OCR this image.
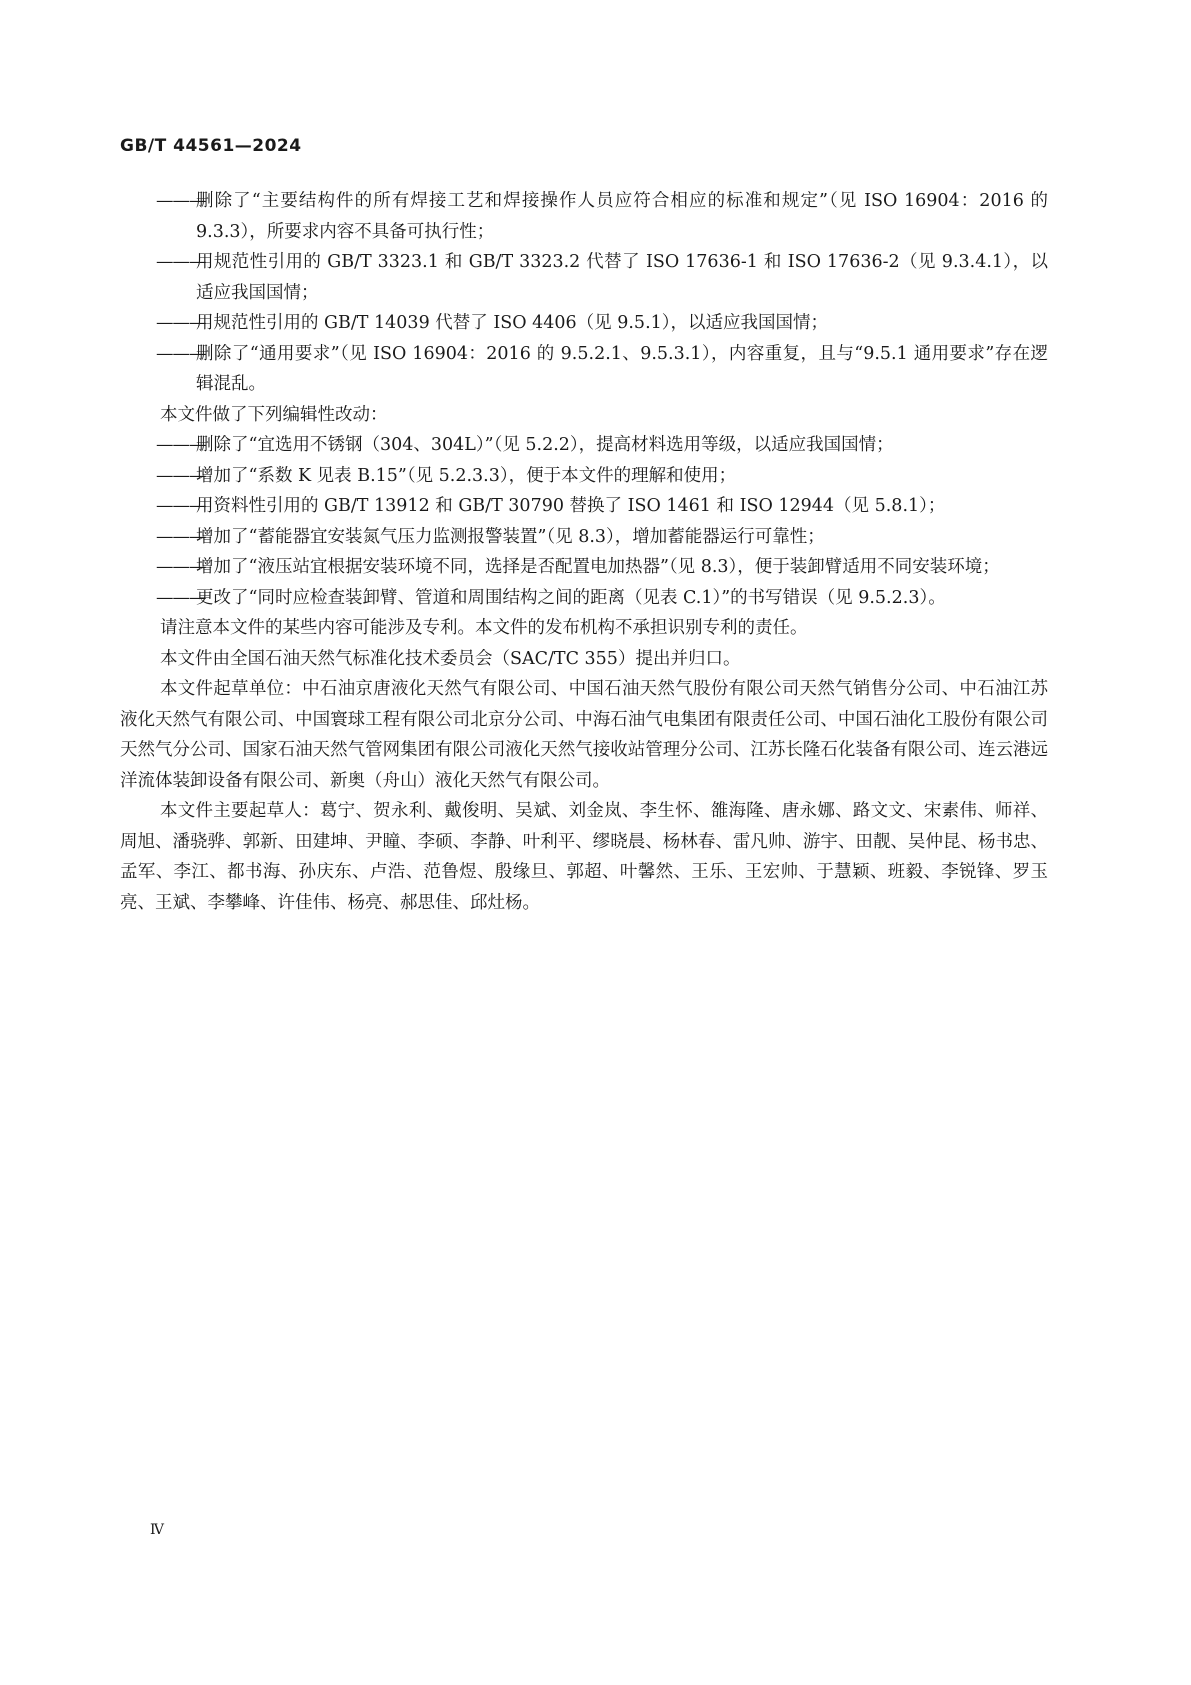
GB/T 44561—2024
———
删除了“主要结构件的所有焊接工艺和焊接操作人员应符合相应的标准和规定”（见 ISO 16904：2016 的 9.3.3），所要求内容不具备可执行性；
———
用规范性引用的 GB/T 3323.1 和 GB/T 3323.2 代替了 ISO 17636-1 和 ISO 17636-2（见 9.3.4.1），以适应我国国情；
———
用规范性引用的 GB/T 14039 代替了 ISO 4406（见 9.5.1），以适应我国国情；
———
删除了“通用要求”（见 ISO 16904：2016 的 9.5.2.1、9.5.3.1），内容重复，且与“9.5.1 通用要求”存在逻辑混乱。
本文件做了下列编辑性改动：
———
删除了“宜选用不锈钢（304、304L）”（见 5.2.2），提高材料选用等级，以适应我国国情；
———
增加了“系数 K 见表 B.15”（见 5.2.3.3），便于本文件的理解和使用；
———
用资料性引用的 GB/T 13912 和 GB/T 30790 替换了 ISO 1461 和 ISO 12944（见 5.8.1）；
———
增加了“蓄能器宜安装氮气压力监测报警装置”（见 8.3），增加蓄能器运行可靠性；
———
增加了“液压站宜根据安装环境不同，选择是否配置电加热器”（见 8.3），便于装卸臂适用不同安装环境；
———
更改了“同时应检查装卸臂、管道和周围结构之间的距离（见表 C.1）”的书写错误（见 9.5.2.3）。
请注意本文件的某些内容可能涉及专利。本文件的发布机构不承担识别专利的责任。
本文件由全国石油天然气标准化技术委员会（SAC/TC 355）提出并归口。
本文件起草单位：中石油京唐液化天然气有限公司、中国石油天然气股份有限公司天然气销售分公司、中石油江苏液化天然气有限公司、中国寰球工程有限公司北京分公司、中海石油气电集团有限责任公司、中国石油化工股份有限公司天然气分公司、国家石油天然气管网集团有限公司液化天然气接收站管理分公司、江苏长隆石化装备有限公司、连云港远洋流体装卸设备有限公司、新奥（舟山）液化天然气有限公司。
本文件主要起草人：葛宁、贺永利、戴俊明、吴斌、刘金岚、李生怀、雒海隆、唐永娜、路文文、宋素伟、师祥、周旭、潘骁骅、郭新、田建坤、尹瞳、李硕、李静、叶利平、缪晓晨、杨林春、雷凡帅、游宇、田靓、吴仲昆、杨书忠、孟军、李江、都书海、孙庆东、卢浩、范鲁煜、殷缘旦、郭超、叶馨然、王乐、王宏帅、于慧颖、班毅、李锐锋、罗玉亮、王斌、李攀峰、许佳伟、杨亮、郝思佳、邱灶杨。
Ⅳ
